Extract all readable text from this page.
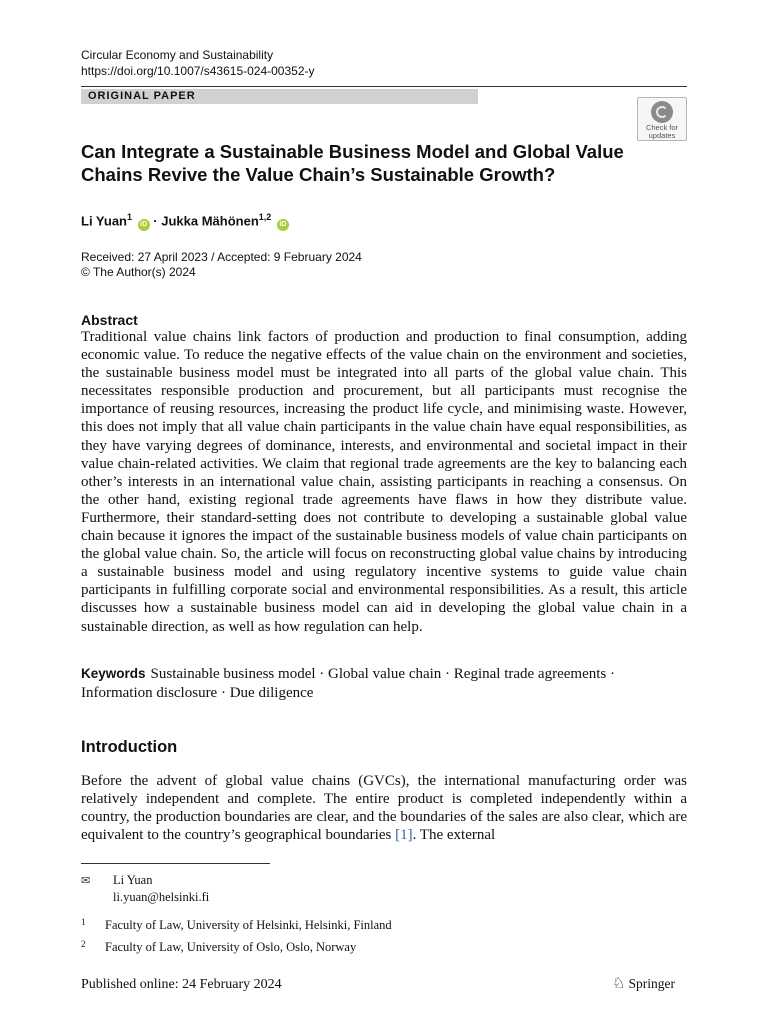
Circular Economy and Sustainability
https://doi.org/10.1007/s43615-024-00352-y
ORIGINAL PAPER
Check for
updates
Can Integrate a Sustainable Business Model and Global Value Chains Revive the Value Chain’s Sustainable Growth?
Li Yuan$^1$ iD · Jukka Mähönen$^{1,2}$ iD
Received: 27 April 2023 / Accepted: 9 February 2024
© The Author(s) 2024
Abstract
Traditional value chains link factors of production and production to final consumption, adding economic value. To reduce the negative effects of the value chain on the environment and societies, the sustainable business model must be integrated into all parts of the global value chain. This necessitates responsible production and procurement, but all participants must recognise the importance of reusing resources, increasing the product life cycle, and minimising waste. However, this does not imply that all value chain participants in the value chain have equal responsibilities, as they have varying degrees of dominance, interests, and environmental and societal impact in their value chain-related activities. We claim that regional trade agreements are the key to balancing each other’s interests in an international value chain, assisting participants in reaching a consensus. On the other hand, existing regional trade agreements have flaws in how they distribute value. Furthermore, their standard-setting does not contribute to developing a sustainable global value chain because it ignores the impact of the sustainable business models of value chain participants on the global value chain. So, the article will focus on reconstructing global value chains by introducing a sustainable business model and using regulatory incentive systems to guide value chain participants in fulfilling corporate social and environmental responsibilities. As a result, this article discusses how a sustainable business model can aid in developing the global value chain in a sustainable direction, as well as how regulation can help.
Keywords Sustainable business model · Global value chain · Reginal trade agreements · Information disclosure · Due diligence
Introduction
Before the advent of global value chains (GVCs), the international manufacturing order was relatively independent and complete. The entire product is completed independently within a country, the production boundaries are clear, and the boundaries of the sales are also clear, which are equivalent to the country’s geographical boundaries [1]. The external
✉ Li Yuan
li.yuan@helsinki.fi
$^1$ Faculty of Law, University of Helsinki, Helsinki, Finland
$^2$ Faculty of Law, University of Oslo, Oslo, Norway
Published online: 24 February 2024	♘ Springer
